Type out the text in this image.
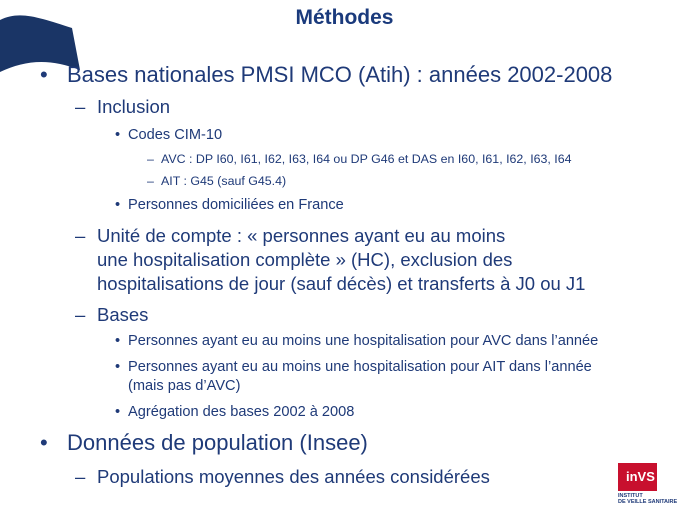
Méthodes
• Bases nationales PMSI MCO (Atih) : années 2002-2008
– Inclusion
• Codes CIM-10
– AVC : DP I60, I61, I62, I63, I64 ou DP G46 et DAS en I60, I61, I62, I63, I64
– AIT : G45 (sauf G45.4)
• Personnes domiciliées en France
– Unité de compte : « personnes ayant eu au moins
une hospitalisation complète » (HC), exclusion des
hospitalisations de jour (sauf décès) et transferts à J0 ou J1
– Bases
• Personnes ayant eu au moins une hospitalisation pour AVC dans l’année
• Personnes ayant eu au moins une hospitalisation pour AIT dans l’année
(mais pas d’AVC)
• Agrégation des bases 2002 à 2008
• Données de population (Insee)
– Populations moyennes des années considérées	inVS
INSTITUT
DE VEILLE SANITAIRE
